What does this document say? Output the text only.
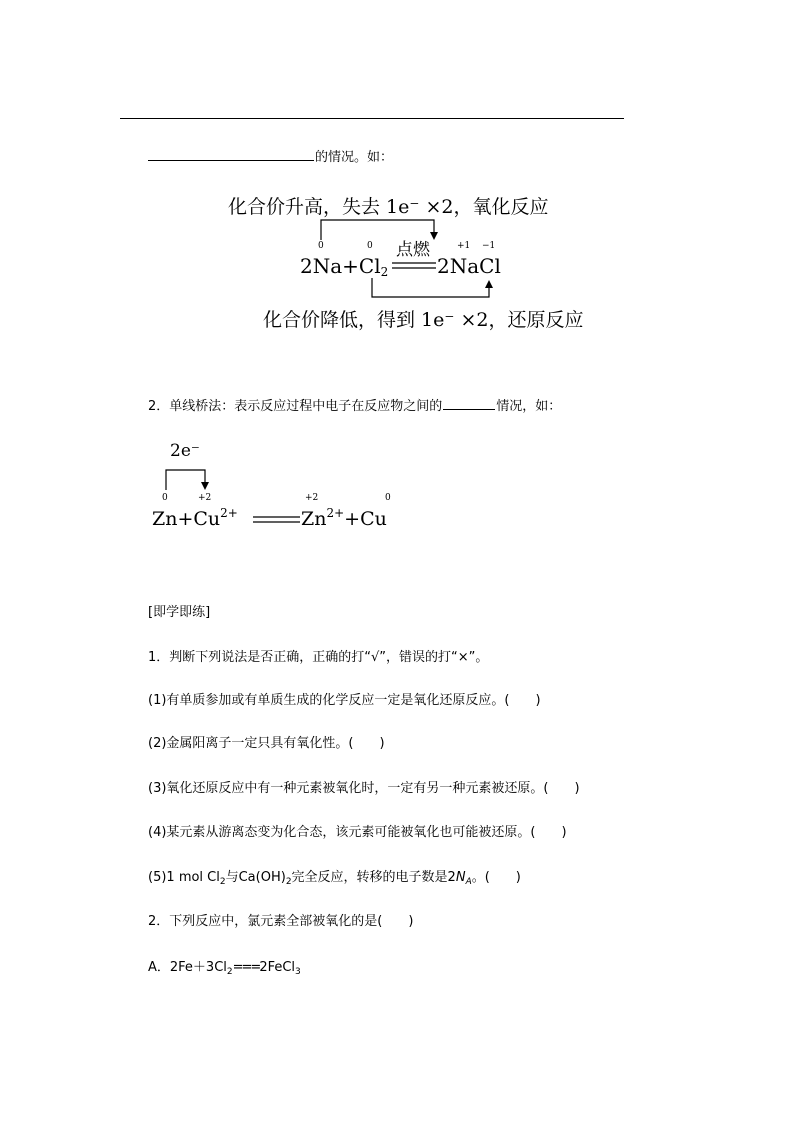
的情况。如：
化合价升高，失去 1e⁻ ×2，氧化反应
0	0	+1 −1
点燃
$2Na+Cl_2$ 2NaCl
化合价降低，得到 1e⁻ ×2，还原反应
2．单线桥法：表示反应过程中电子在反应物之间的	情况，如：
2e⁻
0	+2	+2	0
$Zn+Cu^{2+}$	$Zn^{2+}+Cu$
[即学即练]
1．判断下列说法是否正确，正确的打“√”，错误的打“×”。
(1)有单质参加或有单质生成的化学反应一定是氧化还原反应。(　　)
(2)金属阳离子一定只具有氧化性。(　　)
(3)氧化还原反应中有一种元素被氧化时，一定有另一种元素被还原。(　　)
(4)某元素从游离态变为化合态，该元素可能被氧化也可能被还原。(　　)
(5)1 mol $Cl_2$与$Ca(OH)_2$完全反应，转移的电子数是$2N_A$。(　　)
2．下列反应中，氯元素全部被氧化的是(　　)
A．$2Fe+3Cl_2===2FeCl_3$
